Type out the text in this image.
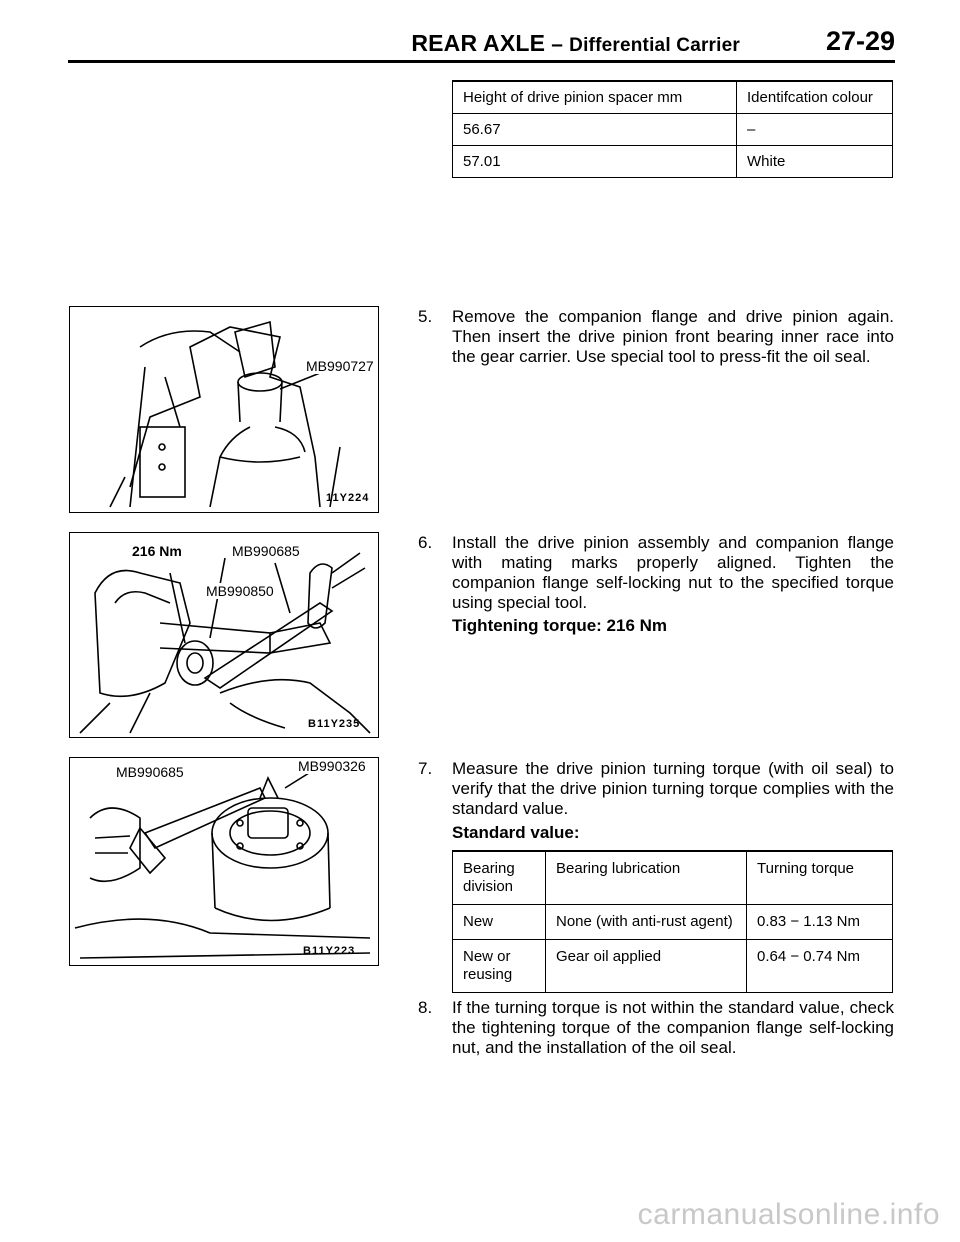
REAR AXLE – Differential Carrier	27-29
Height of drive pinion spacer mm	Identifcation colour
56.67	–
57.01	White
MB990727
11Y224
216 Nm	MB990685
MB990850
B11Y235
MB990685	MB990326
B11Y223
5. Remove the companion flange and drive pinion again. Then insert the drive pinion front bearing inner race into the gear carrier. Use special tool to press-fit the oil seal.
6. Install the drive pinion assembly and companion flange with mating marks properly aligned. Tighten the companion flange self-locking nut to the specified torque using special tool.
Tightening torque: 216 Nm
7. Measure the drive pinion turning torque (with oil seal) to verify that the drive pinion turning torque complies with the standard value.
Standard value:
Bearing division	Bearing lubrication	Turning torque
New	None (with anti-rust agent)	0.83 − 1.13 Nm
New or reusing	Gear oil applied	0.64 − 0.74 Nm
8. If the turning torque is not within the standard value, check the tightening torque of the companion flange self-locking nut, and the installation of the oil seal.
carmanualsonline.info
